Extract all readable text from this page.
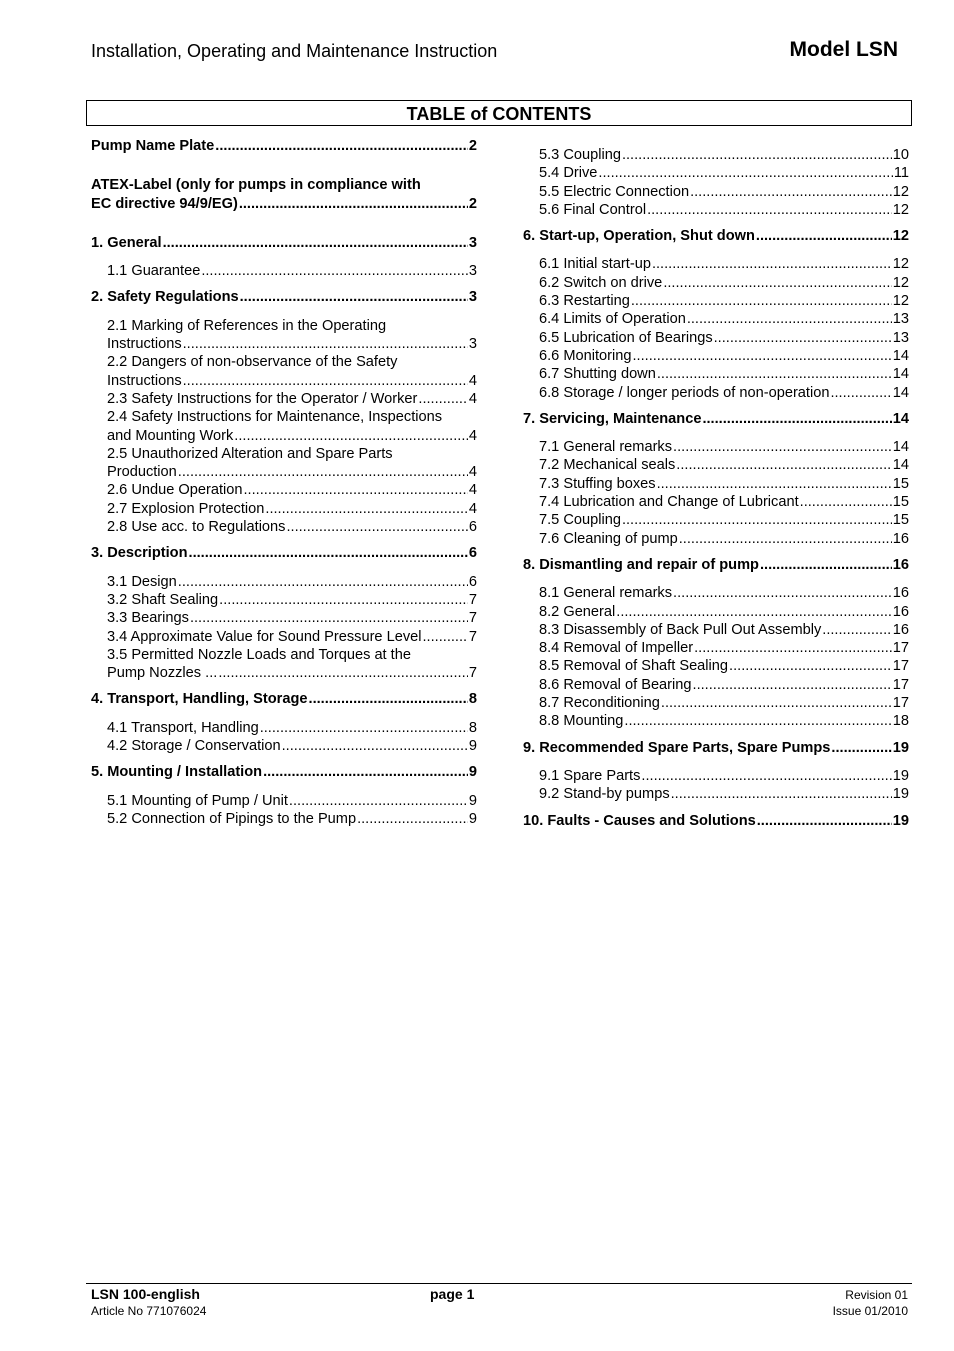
Installation, Operating and Maintenance Instruction	Model LSN
TABLE of CONTENTS
Pump Name Plate .....	2
ATEX-Label (only for pumps in compliance with
EC directive 94/9/EG) .....	2
1. General .....	3
1.1 Guarantee .....	3
2. Safety Regulations .....	3
2.1 Marking of References in the Operating
Instructions .....	3
2.2 Dangers of non-observance of the Safety
Instructions .....	4
2.3 Safety Instructions for the Operator / Worker .....	4
2.4 Safety Instructions for Maintenance, Inspections
and Mounting Work .....	4
2.5 Unauthorized Alteration and Spare Parts
Production .....	4
2.6 Undue Operation .....	4
2.7 Explosion Protection .....	4
2.8 Use acc. to Regulations .....	6
3. Description .....	6
3.1 Design .....	6
3.2 Shaft Sealing .....	7
3.3 Bearings .....	7
3.4 Approximate Value for Sound Pressure Level .....	7
3.5 Permitted Nozzle Loads and Torques at the
Pump Nozzles ... .....	7
4. Transport, Handling, Storage .....	8
4.1 Transport, Handling .....	8
4.2 Storage / Conservation .....	9
5. Mounting / Installation .....	9
5.1 Mounting of Pump / Unit .....	9
5.2 Connection of Pipings to the Pump .....	9
5.3 Coupling .....	10
5.4 Drive .....	11
5.5 Electric Connection .....	12
5.6 Final Control .....	12
6. Start-up, Operation, Shut down .....	12
6.1 Initial start-up .....	12
6.2 Switch on drive .....	12
6.3 Restarting .....	12
6.4 Limits of Operation .....	13
6.5 Lubrication of Bearings .....	13
6.6 Monitoring .....	14
6.7 Shutting down .....	14
6.8 Storage / longer periods of non-operation .....	14
7. Servicing, Maintenance .....	14
7.1 General remarks .....	14
7.2 Mechanical seals .....	14
7.3 Stuffing boxes .....	15
7.4 Lubrication and Change of Lubricant .....	15
7.5 Coupling .....	15
7.6 Cleaning of pump .....	16
8. Dismantling and repair of pump .....	16
8.1 General remarks .....	16
8.2 General .....	16
8.3 Disassembly of Back Pull Out Assembly .....	16
8.4 Removal of Impeller .....	17
8.5 Removal of Shaft Sealing .....	17
8.6 Removal of Bearing .....	17
8.7 Reconditioning .....	17
8.8 Mounting .....	18
9. Recommended Spare Parts, Spare Pumps .....	19
9.1 Spare Parts .....	19
9.2 Stand-by pumps .....	19
10. Faults - Causes and Solutions .....	19
LSN 100-english
Article No 771076024
page 1	Revision 01
Issue 01/2010
